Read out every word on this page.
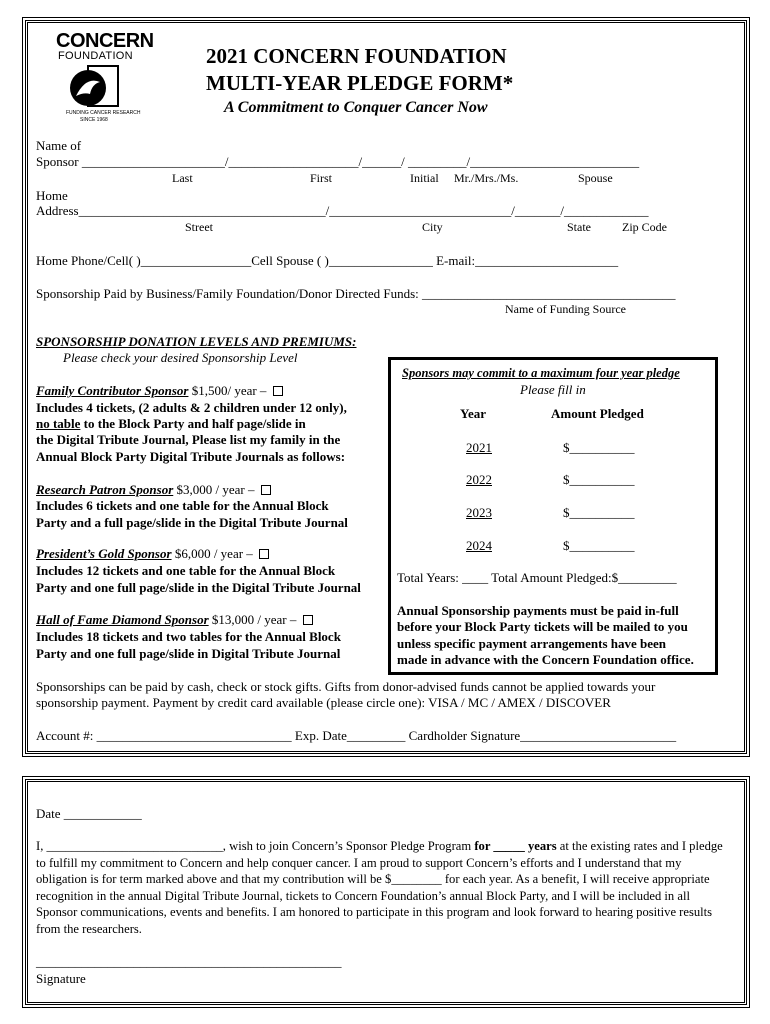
CONCERN
FOUNDATION
FUNDING CANCER RESEARCH
SINCE 1968
2021 CONCERN FOUNDATION
MULTI-YEAR PLEDGE FORM*
A Commitment to Conquer Cancer Now
Name of
Sponsor ______________________/____________________/______/ _________/__________________________
Last	First	Initial Mr./Mrs./Ms.	Spouse
Home
Address______________________________________/____________________________/_______/_____________
Street	City	State	Zip Code
Home Phone/Cell( )_________________Cell Spouse ( )________________ E-mail:______________________
Sponsorship Paid by Business/Family Foundation/Donor Directed Funds: _______________________________________
Name of Funding Source
SPONSORSHIP DONATION LEVELS AND PREMIUMS:
Please check your desired Sponsorship Level
Family Contributor Sponsor $1,500/ year –
Includes 4 tickets, (2 adults & 2 children under 12 only),
no table to the Block Party and half page/slide in
the Digital Tribute Journal, Please list my family in the
Annual Block Party Digital Tribute Journals as follows:
Research Patron Sponsor $3,000 / year –
Includes 6 tickets and one table for the Annual Block
Party and a full page/slide in the Digital Tribute Journal
President’s Gold Sponsor $6,000 / year –
Includes 12 tickets and one table for the Annual Block
Party and one full page/slide in the Digital Tribute Journal
Hall of Fame Diamond Sponsor $13,000 / year –
Includes 18 tickets and two tables for the Annual Block
Party and one full page/slide in Digital Tribute Journal
Sponsors may commit to a maximum four year pledge
Please fill in
Year	Amount Pledged
2021	$__________
2022	$__________
2023	$__________
2024	$__________
Total Years: ____ Total Amount Pledged:$_________
Annual Sponsorship payments must be paid in-full
before your Block Party tickets will be mailed to you
unless specific payment arrangements have been
made in advance with the Concern Foundation office.
Sponsorships can be paid by cash, check or stock gifts. Gifts from donor-advised funds cannot be applied towards your
sponsorship payment. Payment by credit card available (please circle one): VISA / MC / AMEX / DISCOVER
Account #: ______________________________ Exp. Date_________ Cardholder Signature________________________
Date ____________
I, ____________________________, wish to join Concern’s Sponsor Pledge Program for _____ years at the existing rates and I pledge to fulfill my commitment to Concern and help conquer cancer. I am proud to support Concern’s efforts and I understand that my obligation is for term marked above and that my contribution will be $________ for each year. As a benefit, I will receive appropriate recognition in the annual Digital Tribute Journal, tickets to Concern Foundation’s annual Block Party, and I will be included in all Sponsor communications, events and benefits. I am honored to participate in this program and look forward to hearing positive results from the researchers.
_______________________________________________
Signature
